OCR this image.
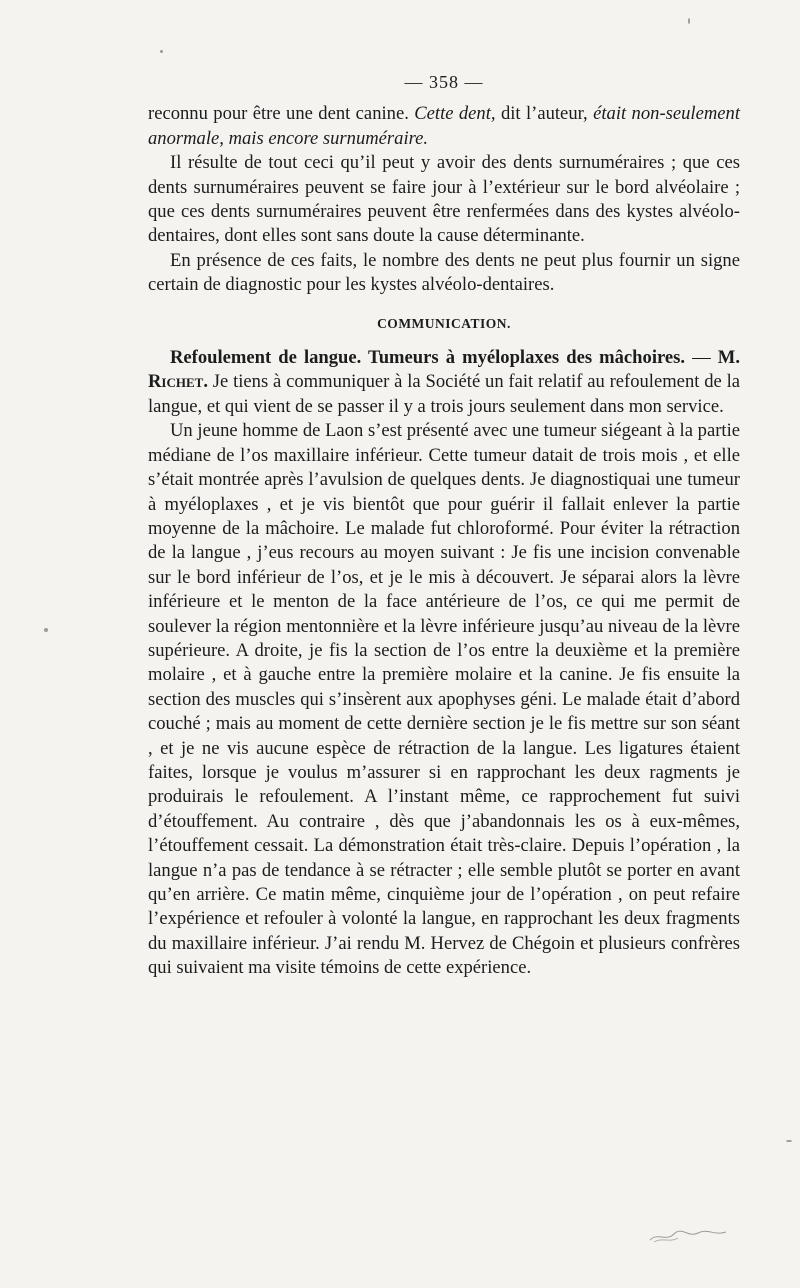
— 358 —

reconnu pour être une dent canine. Cette dent, dit l’auteur, était non-seulement anormale, mais encore surnuméraire.

Il résulte de tout ceci qu’il peut y avoir des dents surnuméraires ; que ces dents surnuméraires peuvent se faire jour à l’extérieur sur le bord alvéolaire ; que ces dents surnuméraires peuvent être renfermées dans des kystes alvéolo-dentaires, dont elles sont sans doute la cause déterminante.

En présence de ces faits, le nombre des dents ne peut plus fournir un signe certain de diagnostic pour les kystes alvéolo-dentaires.

COMMUNICATION.

Refoulement de langue. Tumeurs à myéloplaxes des mâchoires. — M. Richet. Je tiens à communiquer à la Société un fait relatif au refoulement de la langue, et qui vient de se passer il y a trois jours seulement dans mon service.

Un jeune homme de Laon s’est présenté avec une tumeur siégeant à la partie médiane de l’os maxillaire inférieur. Cette tumeur datait de trois mois , et elle s’était montrée après l’avulsion de quelques dents. Je diagnostiquai une tumeur à myéloplaxes , et je vis bientôt que pour guérir il fallait enlever la partie moyenne de la mâchoire. Le malade fut chloroformé. Pour éviter la rétraction de la langue , j’eus recours au moyen suivant : Je fis une incision convenable sur le bord inférieur de l’os, et je le mis à découvert. Je séparai alors la lèvre inférieure et le menton de la face antérieure de l’os, ce qui me permit de soulever la région mentonnière et la lèvre inférieure jusqu’au niveau de la lèvre supérieure. A droite, je fis la section de l’os entre la deuxième et la première molaire , et à gauche entre la première molaire et la canine. Je fis ensuite la section des muscles qui s’insèrent aux apophyses géni. Le malade était d’abord couché ; mais au moment de cette dernière section je le fis mettre sur son séant , et je ne vis aucune espèce de rétraction de la langue. Les ligatures étaient faites, lorsque je voulus m’assurer si en rapprochant les deux ragments je produirais le refoulement. A l’instant même, ce rapprochement fut suivi d’étouffement. Au contraire , dès que j’abandonnais les os à eux-mêmes, l’étouffement cessait. La démonstration était très-claire. Depuis l’opération , la langue n’a pas de tendance à se rétracter ; elle semble plutôt se porter en avant qu’en arrière. Ce matin même, cinquième jour de l’opération , on peut refaire l’expérience et refouler à volonté la langue, en rapprochant les deux fragments du maxillaire inférieur. J’ai rendu M. Hervez de Chégoin et plusieurs confrères qui suivaient ma visite témoins de cette expérience.
